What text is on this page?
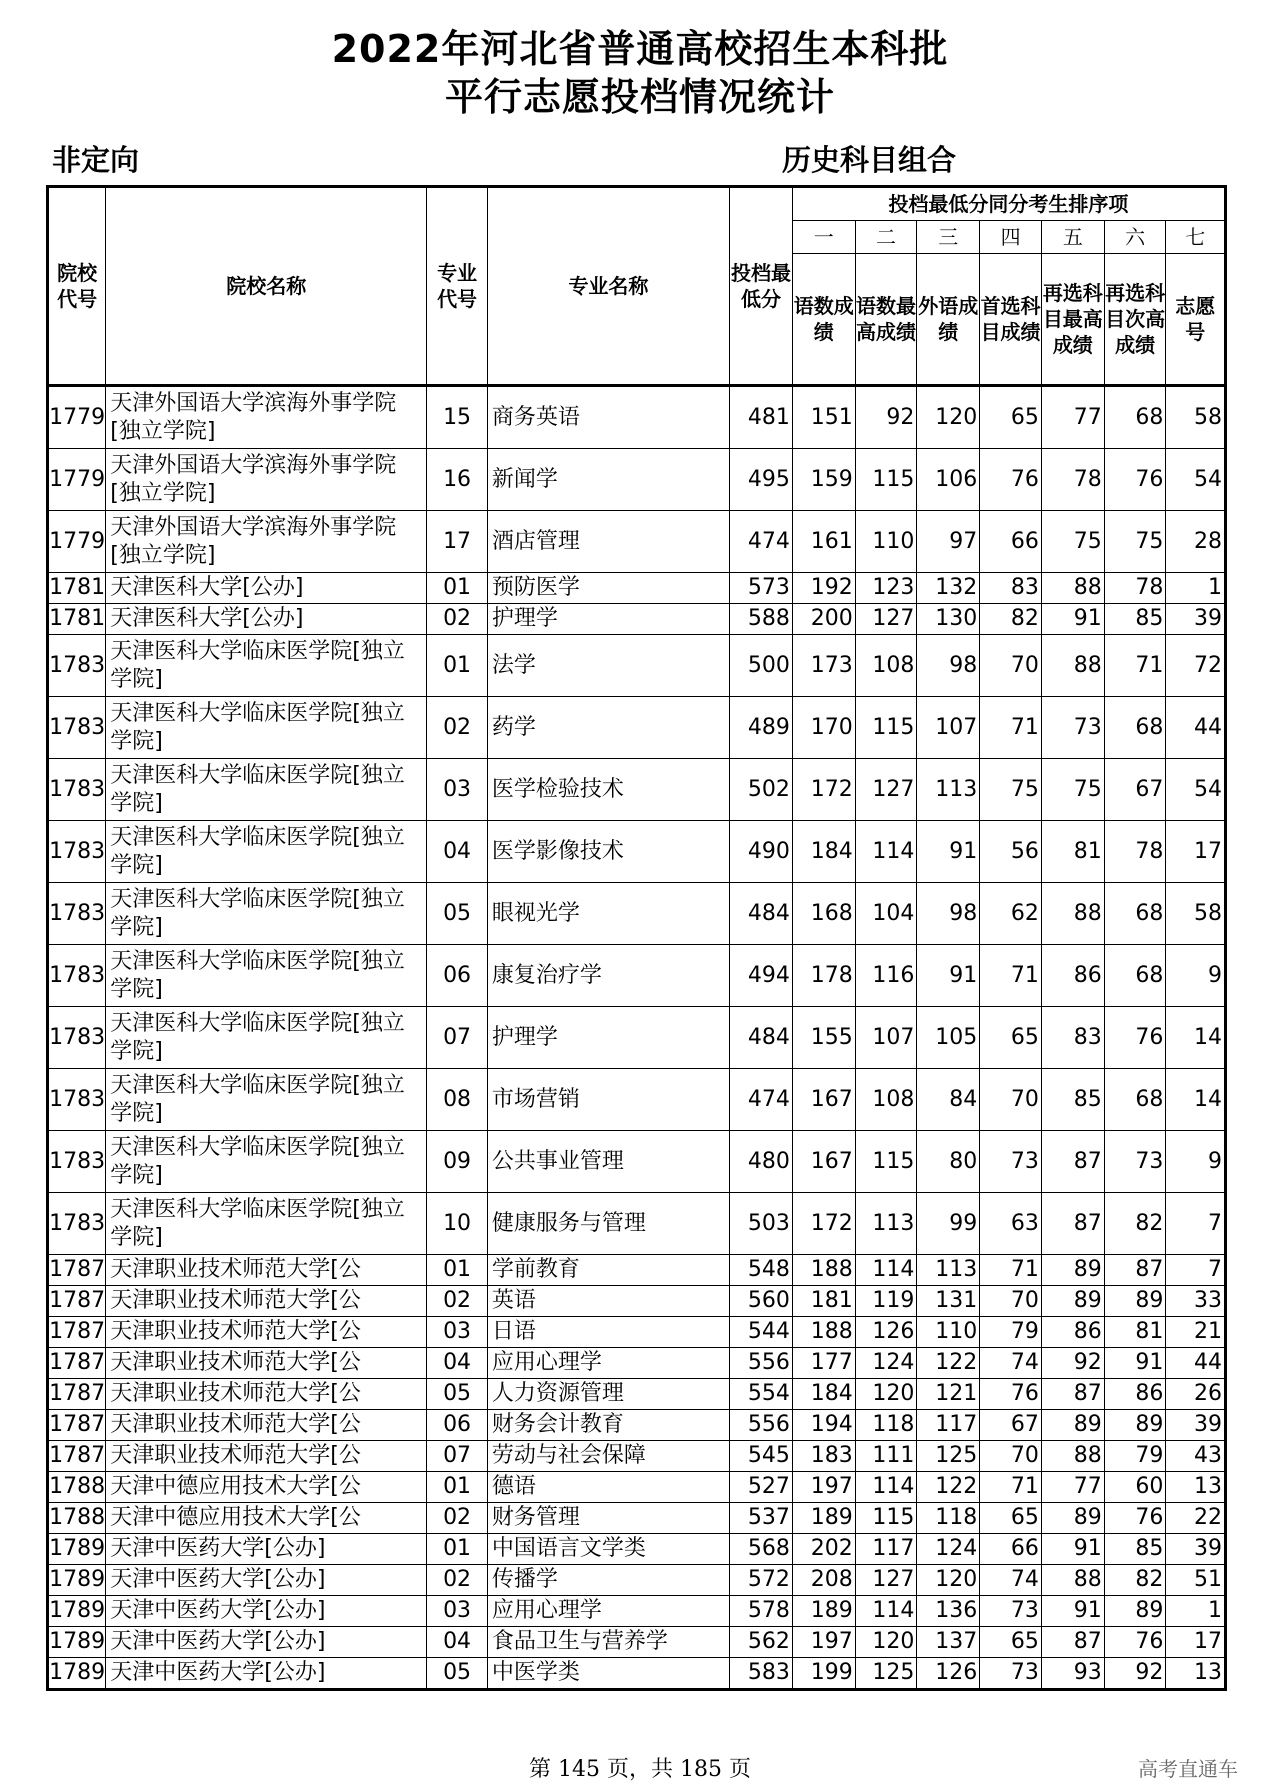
2022年河北省普通高校招生本科批
平行志愿投档情况统计
非定向	历史科目组合
院校代号	院校名称	专业代号	专业名称	投档最低分	投档最低分同分考生排序项						
					一	二	三	四	五	六	七
					语数成绩	语数最高成绩	外语成绩	首选科目成绩	再选科目最高成绩	再选科目次高成绩	志愿号
1779	天津外国语大学滨海外事学院[独立学院]	15	商务英语	481	151	92	120	65	77	68	58
1779	天津外国语大学滨海外事学院[独立学院]	16	新闻学	495	159	115	106	76	78	76	54
1779	天津外国语大学滨海外事学院[独立学院]	17	酒店管理	474	161	110	97	66	75	75	28
1781	天津医科大学[公办]	01	预防医学	573	192	123	132	83	88	78	1
1781	天津医科大学[公办]	02	护理学	588	200	127	130	82	91	85	39
1783	天津医科大学临床医学院[独立学院]	01	法学	500	173	108	98	70	88	71	72
1783	天津医科大学临床医学院[独立学院]	02	药学	489	170	115	107	71	73	68	44
1783	天津医科大学临床医学院[独立学院]	03	医学检验技术	502	172	127	113	75	75	67	54
1783	天津医科大学临床医学院[独立学院]	04	医学影像技术	490	184	114	91	56	81	78	17
1783	天津医科大学临床医学院[独立学院]	05	眼视光学	484	168	104	98	62	88	68	58
1783	天津医科大学临床医学院[独立学院]	06	康复治疗学	494	178	116	91	71	86	68	9
1783	天津医科大学临床医学院[独立学院]	07	护理学	484	155	107	105	65	83	76	14
1783	天津医科大学临床医学院[独立学院]	08	市场营销	474	167	108	84	70	85	68	14
1783	天津医科大学临床医学院[独立学院]	09	公共事业管理	480	167	115	80	73	87	73	9
1783	天津医科大学临床医学院[独立学院]	10	健康服务与管理	503	172	113	99	63	87	82	7
1787	天津职业技术师范大学[公	01	学前教育	548	188	114	113	71	89	87	7
1787	天津职业技术师范大学[公	02	英语	560	181	119	131	70	89	89	33
1787	天津职业技术师范大学[公	03	日语	544	188	126	110	79	86	81	21
1787	天津职业技术师范大学[公	04	应用心理学	556	177	124	122	74	92	91	44
1787	天津职业技术师范大学[公	05	人力资源管理	554	184	120	121	76	87	86	26
1787	天津职业技术师范大学[公	06	财务会计教育	556	194	118	117	67	89	89	39
1787	天津职业技术师范大学[公	07	劳动与社会保障	545	183	111	125	70	88	79	43
1788	天津中德应用技术大学[公	01	德语	527	197	114	122	71	77	60	13
1788	天津中德应用技术大学[公	02	财务管理	537	189	115	118	65	89	76	22
1789	天津中医药大学[公办]	01	中国语言文学类	568	202	117	124	66	91	85	39
1789	天津中医药大学[公办]	02	传播学	572	208	127	120	74	88	82	51
1789	天津中医药大学[公办]	03	应用心理学	578	189	114	136	73	91	89	1
1789	天津中医药大学[公办]	04	食品卫生与营养学	562	197	120	137	65	87	76	17
1789	天津中医药大学[公办]	05	中医学类	583	199	125	126	73	93	92	13
第 145 页，共 185 页	高考直通车
